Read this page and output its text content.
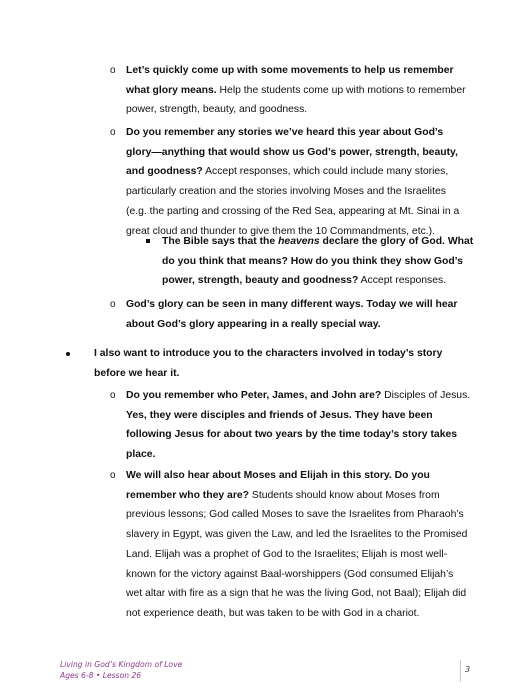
o Let’s quickly come up with some movements to help us remember what glory means. Help the students come up with motions to remember power, strength, beauty, and goodness.
o Do you remember any stories we’ve heard this year about God’s glory—anything that would show us God’s power, strength, beauty, and goodness? Accept responses, which could include many stories, particularly creation and the stories involving Moses and the Israelites (e.g. the parting and crossing of the Red Sea, appearing at Mt. Sinai in a great cloud and thunder to give them the 10 Commandments, etc.).
The Bible says that the heavens declare the glory of God. What do you think that means? How do you think they show God’s power, strength, beauty and goodness? Accept responses.
o God’s glory can be seen in many different ways. Today we will hear about God’s glory appearing in a really special way.
I also want to introduce you to the characters involved in today’s story before we hear it.
o Do you remember who Peter, James, and John are? Disciples of Jesus. Yes, they were disciples and friends of Jesus. They have been following Jesus for about two years by the time today’s story takes place.
o We will also hear about Moses and Elijah in this story. Do you remember who they are? Students should know about Moses from previous lessons; God called Moses to save the Israelites from Pharaoh’s slavery in Egypt, was given the Law, and led the Israelites to the Promised Land. Elijah was a prophet of God to the Israelites; Elijah is most well-known for the victory against Baal-worshippers (God consumed Elijah’s wet altar with fire as a sign that he was the living God, not Baal); Elijah did not experience death, but was taken to be with God in a chariot.
Living in God’s Kingdom of Love
Ages 6-8 • Lesson 26
3
